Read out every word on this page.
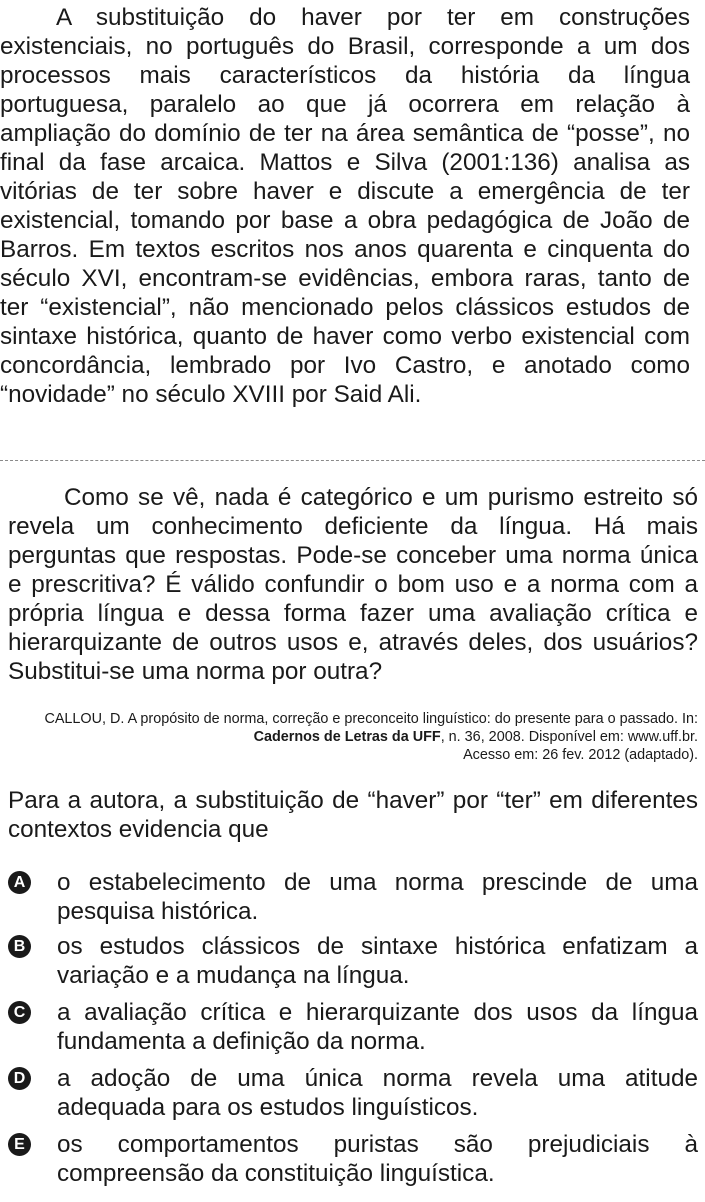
A substituição do haver por ter em construções existenciais, no português do Brasil, corresponde a um dos processos mais característicos da história da língua portuguesa, paralelo ao que já ocorrera em relação à ampliação do domínio de ter na área semântica de “posse”, no final da fase arcaica. Mattos e Silva (2001:136) analisa as vitórias de ter sobre haver e discute a emergência de ter existencial, tomando por base a obra pedagógica de João de Barros. Em textos escritos nos anos quarenta e cinquenta do século XVI, encontram-se evidências, embora raras, tanto de ter “existencial”, não mencionado pelos clássicos estudos de sintaxe histórica, quanto de haver como verbo existencial com concordância, lembrado por Ivo Castro, e anotado como “novidade” no século XVIII por Said Ali.

Como se vê, nada é categórico e um purismo estreito só revela um conhecimento deficiente da língua. Há mais perguntas que respostas. Pode-se conceber uma norma única e prescritiva? É válido confundir o bom uso e a norma com a própria língua e dessa forma fazer uma avaliação crítica e hierarquizante de outros usos e, através deles, dos usuários? Substitui-se uma norma por outra?

CALLOU, D. A propósito de norma, correção e preconceito linguístico: do presente para o passado. In: Cadernos de Letras da UFF, n. 36, 2008. Disponível em: www.uff.br.
Acesso em: 26 fev. 2012 (adaptado).

Para a autora, a substituição de “haver” por “ter” em diferentes contextos evidencia que

A o estabelecimento de uma norma prescinde de uma pesquisa histórica.
B os estudos clássicos de sintaxe histórica enfatizam a variação e a mudança na língua.
C a avaliação crítica e hierarquizante dos usos da língua fundamenta a definição da norma.
D a adoção de uma única norma revela uma atitude adequada para os estudos linguísticos.
E os comportamentos puristas são prejudiciais à compreensão da constituição linguística.
